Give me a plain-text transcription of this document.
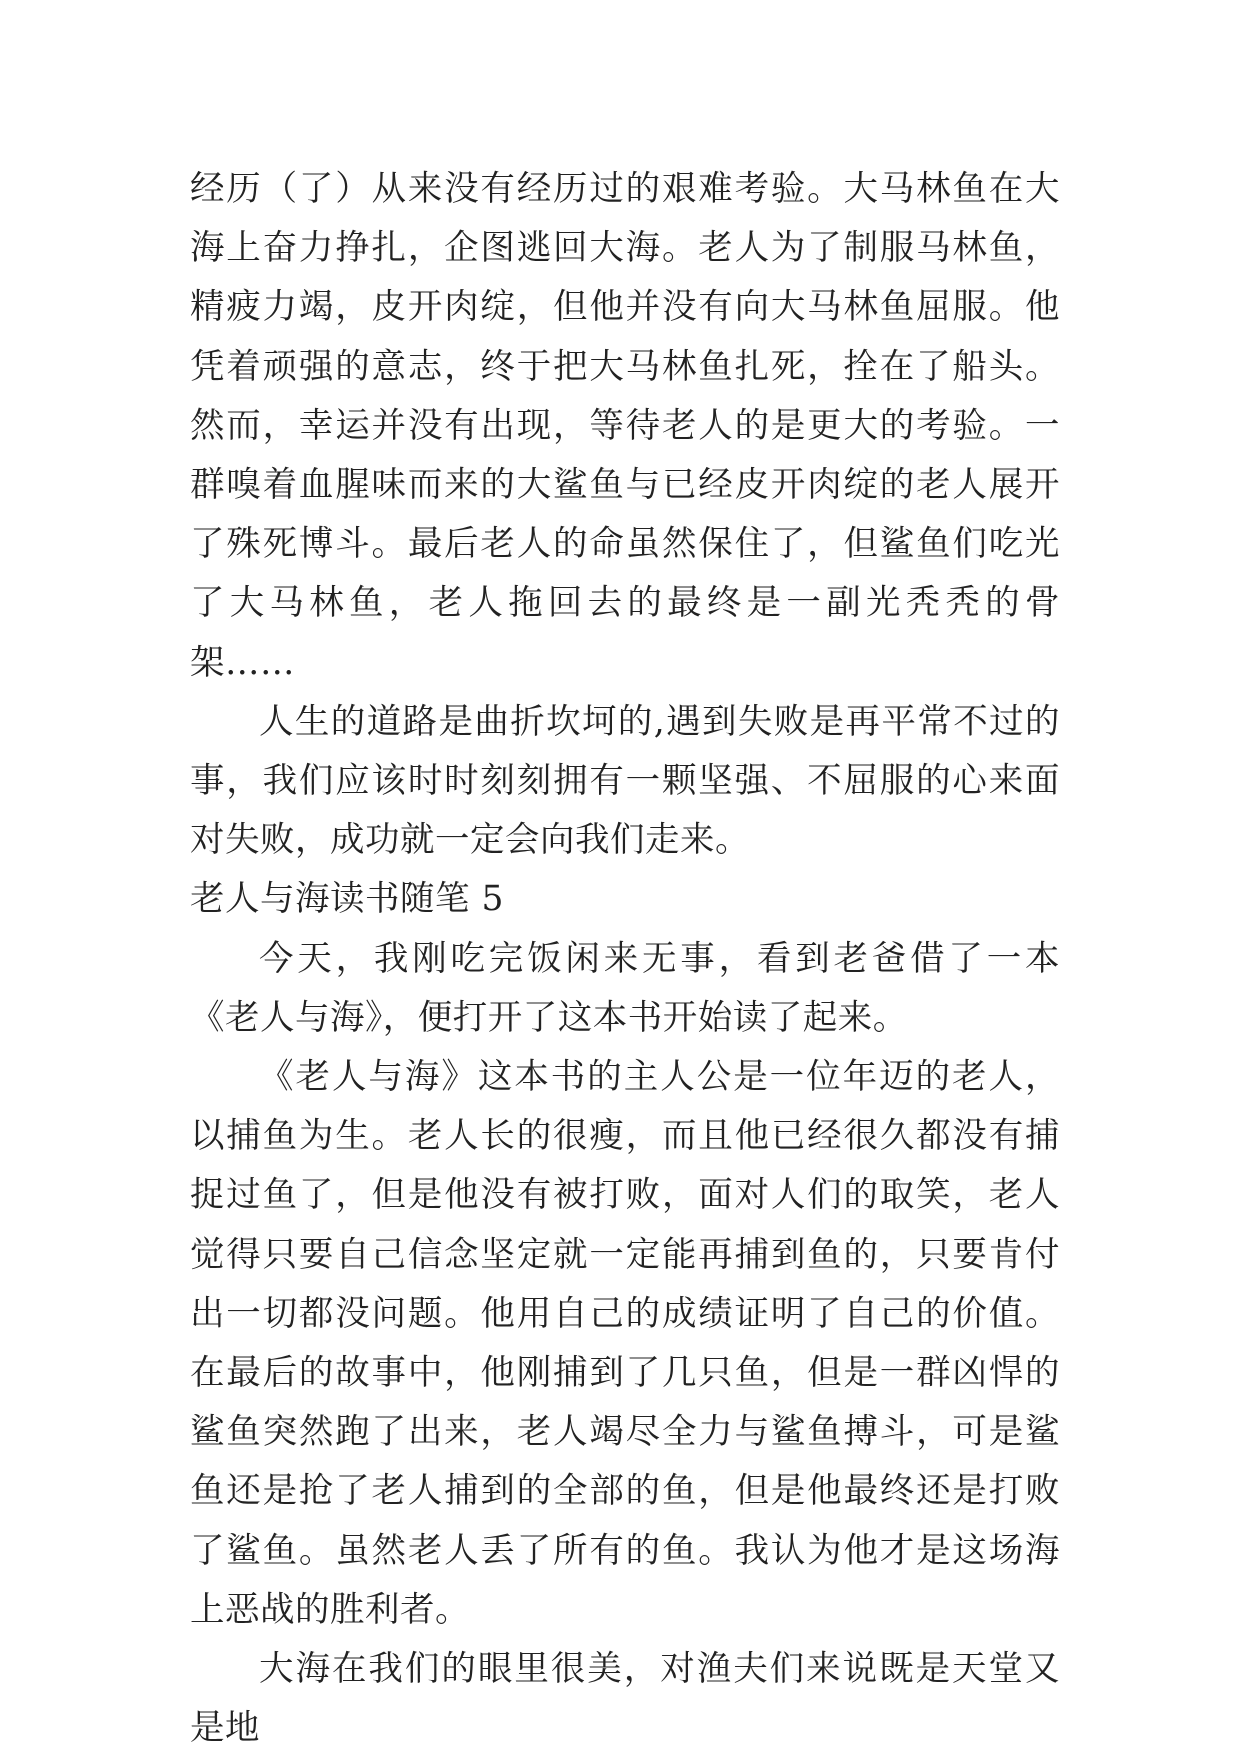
经历（了）从来没有经历过的艰难考验。大马林鱼在大海上奋力挣扎，企图逃回大海。老人为了制服马林鱼，精疲力竭，皮开肉绽，但他并没有向大马林鱼屈服。他凭着顽强的意志，终于把大马林鱼扎死，拴在了船头。然而，幸运并没有出现，等待老人的是更大的考验。一群嗅着血腥味而来的大鲨鱼与已经皮开肉绽的老人展开了殊死博斗。最后老人的命虽然保住了，但鲨鱼们吃光了大马林鱼，老人拖回去的最终是一副光秃秃的骨架……

人生的道路是曲折坎坷的,遇到失败是再平常不过的事，我们应该时时刻刻拥有一颗坚强、不屈服的心来面对失败，成功就一定会向我们走来。

老人与海读书随笔 5

今天，我刚吃完饭闲来无事，看到老爸借了一本《老人与海》，便打开了这本书开始读了起来。

《老人与海》这本书的主人公是一位年迈的老人，以捕鱼为生。老人长的很瘦，而且他已经很久都没有捕捉过鱼了，但是他没有被打败，面对人们的取笑，老人觉得只要自己信念坚定就一定能再捕到鱼的，只要肯付出一切都没问题。他用自己的成绩证明了自己的价值。在最后的故事中，他刚捕到了几只鱼，但是一群凶悍的鲨鱼突然跑了出来，老人竭尽全力与鲨鱼搏斗，可是鲨鱼还是抢了老人捕到的全部的鱼，但是他最终还是打败了鲨鱼。虽然老人丢了所有的鱼。我认为他才是这场海上恶战的胜利者。

大海在我们的眼里很美，对渔夫们来说既是天堂又是地
